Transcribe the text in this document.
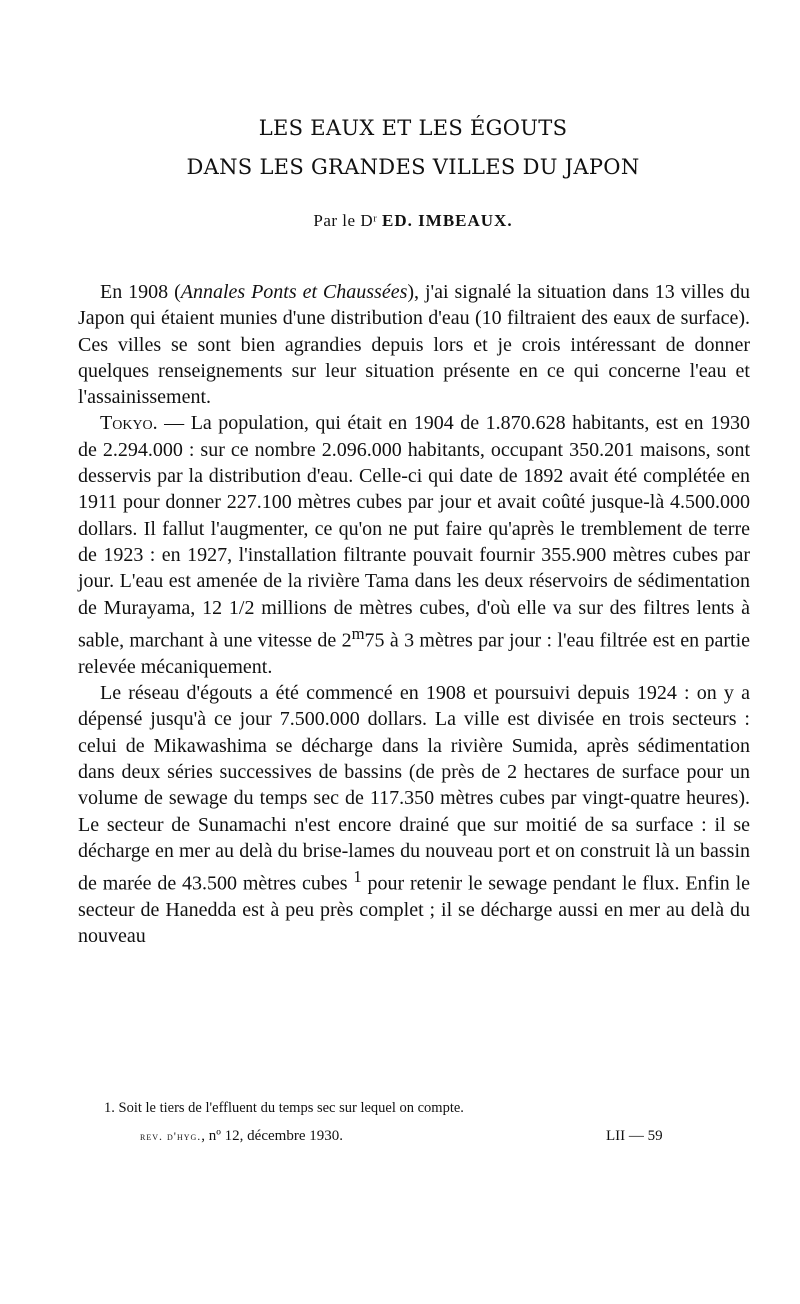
LES EAUX ET LES ÉGOUTS
DANS LES GRANDES VILLES DU JAPON
Par le Dʳ ED. IMBEAUX.

En 1908 (Annales Ponts et Chaussées), j'ai signalé la situation dans 13 villes du Japon qui étaient munies d'une distribution d'eau (10 filtraient des eaux de surface). Ces villes se sont bien agrandies depuis lors et je crois intéressant de donner quelques renseignements sur leur situation présente en ce qui concerne l'eau et l'assainissement.

Tokyo. — La population, qui était en 1904 de 1.870.628 habitants, est en 1930 de 2.294.000 : sur ce nombre 2.096.000 habitants, occupant 350.201 maisons, sont desservis par la distribution d'eau. Celle-ci qui date de 1892 avait été complétée en 1911 pour donner 227.100 mètres cubes par jour et avait coûté jusque-là 4.500.000 dollars. Il fallut l'augmenter, ce qu'on ne put faire qu'après le tremblement de terre de 1923 : en 1927, l'installation filtrante pouvait fournir 355.900 mètres cubes par jour. L'eau est amenée de la rivière Tama dans les deux réservoirs de sédimentation de Murayama, 12 1/2 millions de mètres cubes, d'où elle va sur des filtres lents à sable, marchant à une vitesse de 2$^m$75 à 3 mètres par jour : l'eau filtrée est en partie relevée mécaniquement.

Le réseau d'égouts a été commencé en 1908 et poursuivi depuis 1924 : on y a dépensé jusqu'à ce jour 7.500.000 dollars. La ville est divisée en trois secteurs : celui de Mikawashima se décharge dans la rivière Sumida, après sédimentation dans deux séries successives de bassins (de près de 2 hectares de surface pour un volume de sewage du temps sec de 117.350 mètres cubes par vingt-quatre heures). Le secteur de Sunamachi n'est encore drainé que sur moitié de sa surface : il se décharge en mer au delà du brise-lames du nouveau port et on construit là un bassin de marée de 43.500 mètres cubes $^1$ pour retenir le sewage pendant le flux. Enfin le secteur de Hanedda est à peu près complet ; il se décharge aussi en mer au delà du nouveau

1. Soit le tiers de l'effluent du temps sec sur lequel on compte.
rev. d'hyg., nº 12, décembre 1930.	LII — 59
